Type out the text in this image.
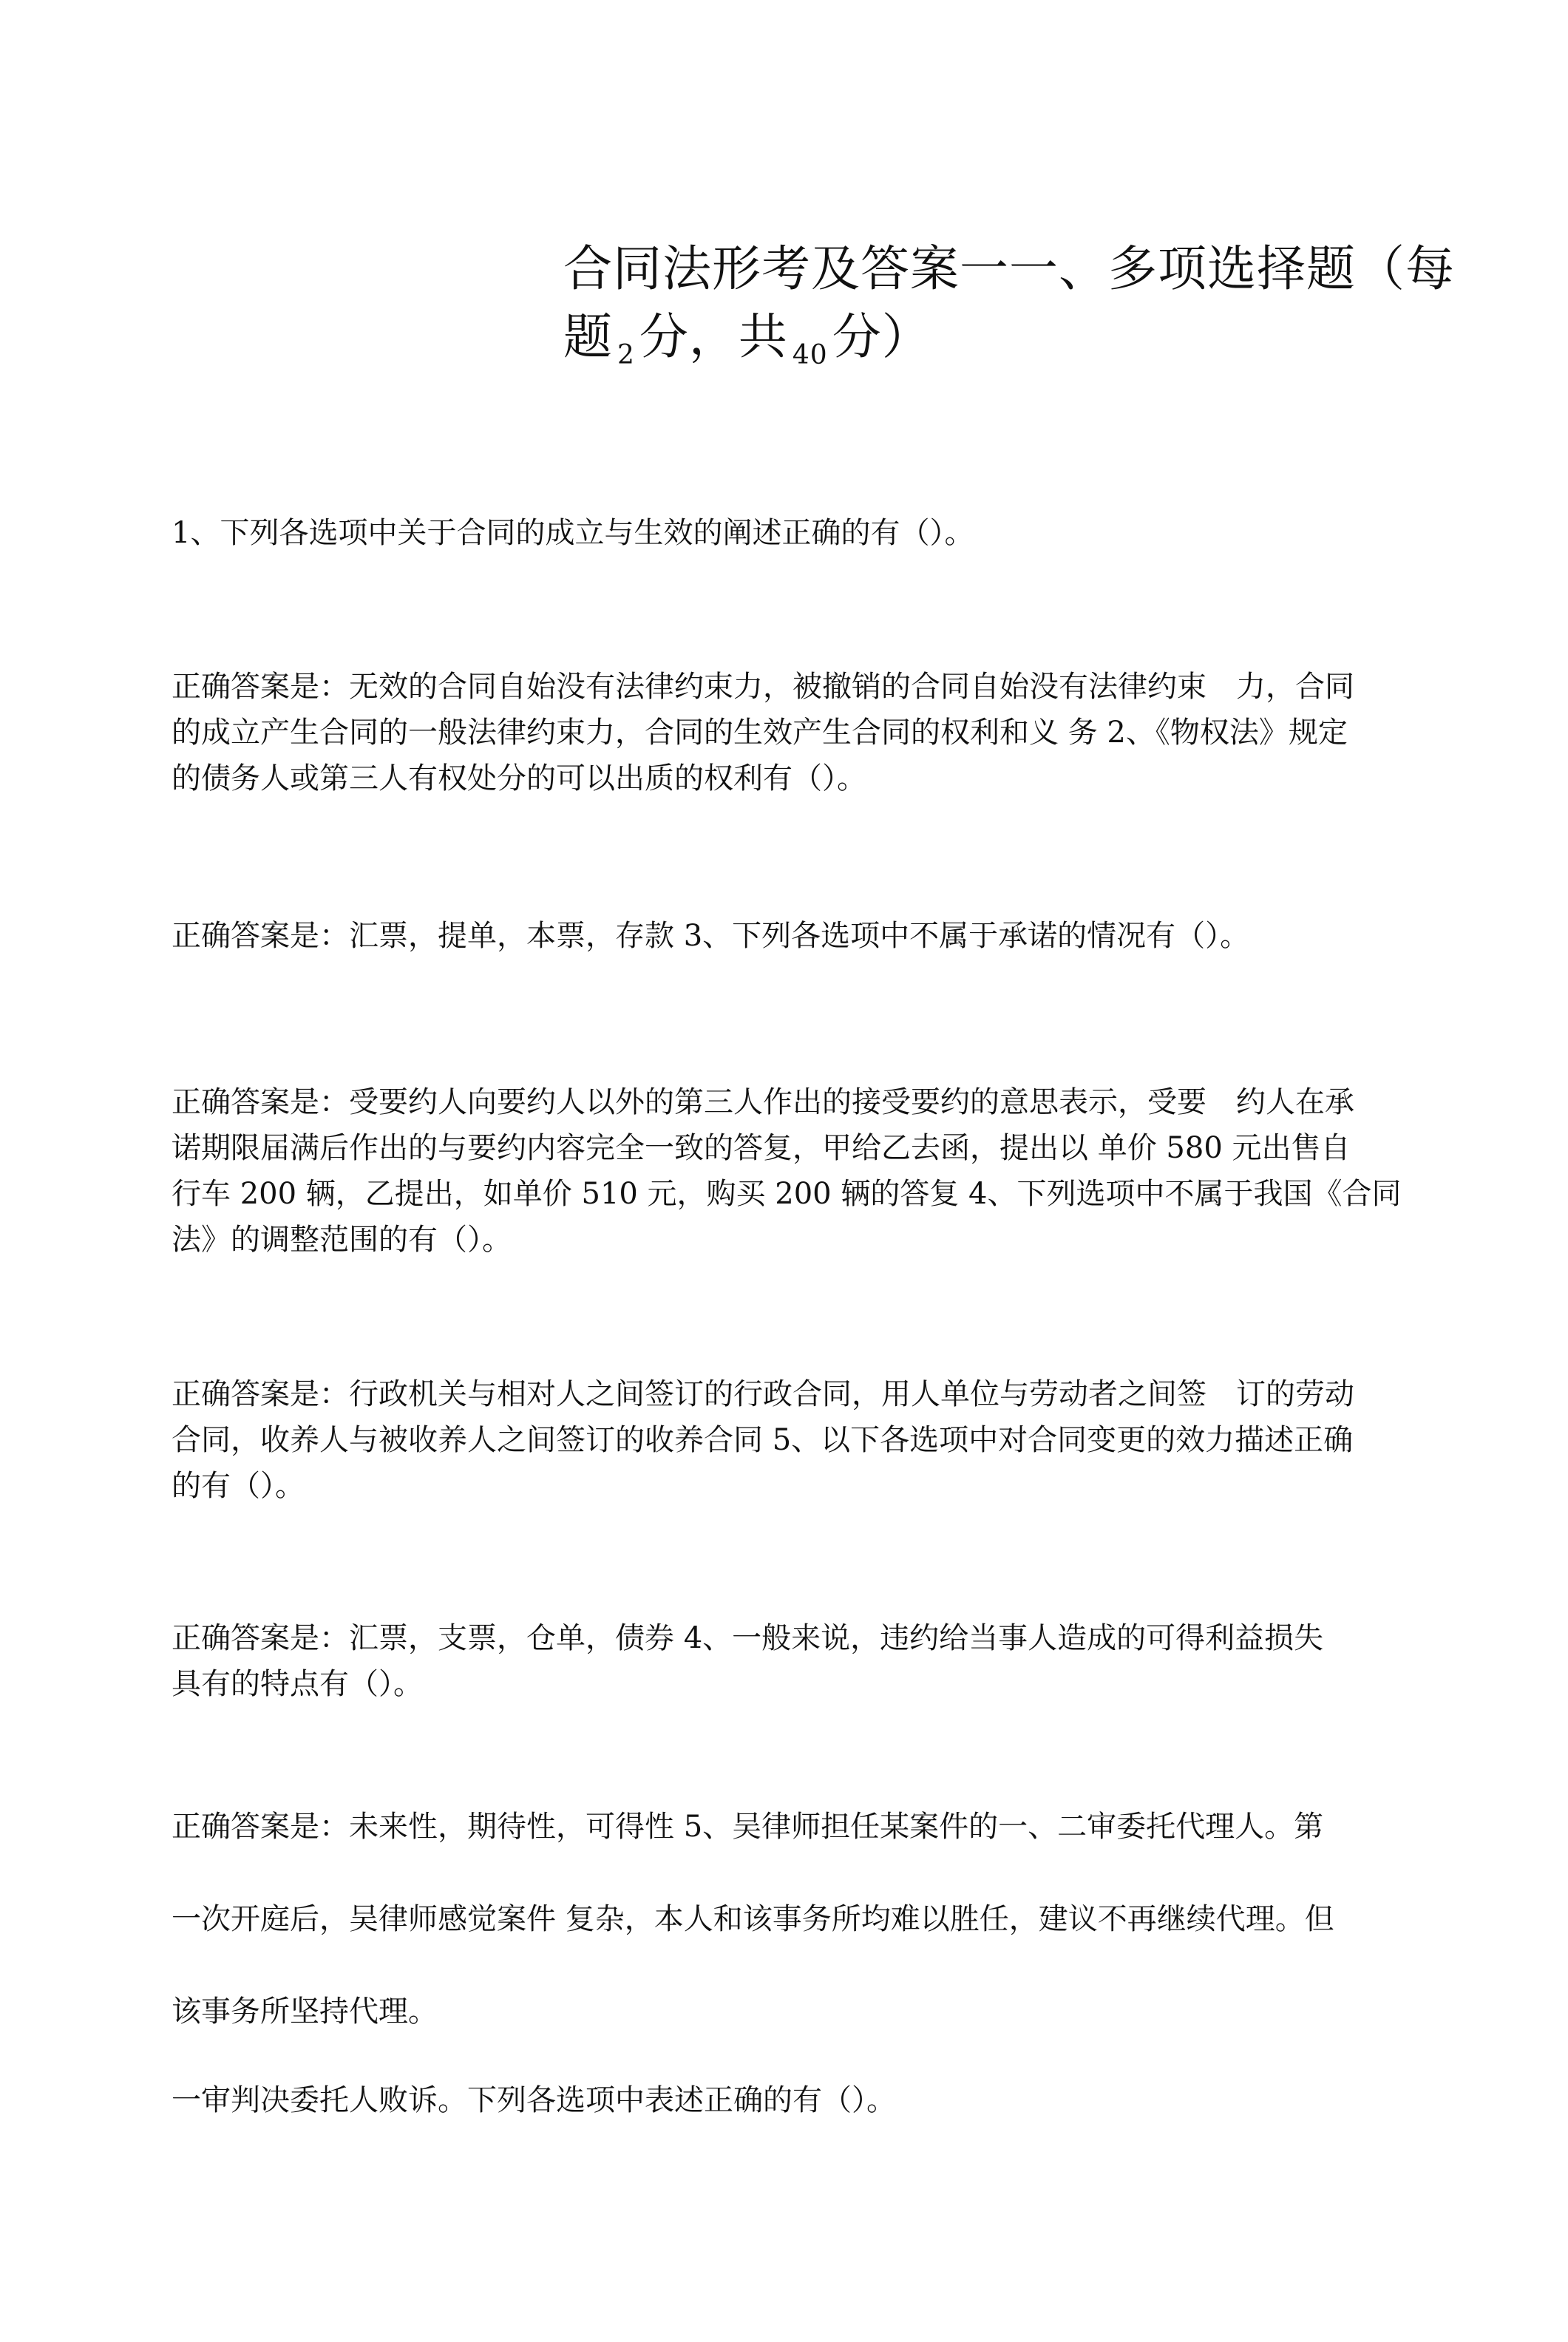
合同法形考及答案一一、多项选择题（每
题 $_2$分，共 $_{40}$分）

1、下列各选项中关于合同的成立与生效的阐述正确的有（）。

正确答案是：无效的合同自始没有法律约束力，被撤销的合同自始没有法律约束　力，合同
的成立产生合同的一般法律约束力，合同的生效产生合同的权利和义 务 2、《物权法》规定
的债务人或第三人有权处分的可以出质的权利有（）。

正确答案是：汇票，提单，本票，存款 3、下列各选项中不属于承诺的情况有（）。

正确答案是：受要约人向要约人以外的第三人作出的接受要约的意思表示，受要　约人在承
诺期限届满后作出的与要约内容完全一致的答复，甲给乙去函，提出以 单价 580 元出售自
行车 200 辆，乙提出，如单价 510 元，购买 200 辆的答复 4、下列选项中不属于我国《合同
法》的调整范围的有（）。

正确答案是：行政机关与相对人之间签订的行政合同，用人单位与劳动者之间签　订的劳动
合同，收养人与被收养人之间签订的收养合同 5、以下各选项中对合同变更的效力描述正确
的有（）。

正确答案是：汇票，支票，仓单，债券 4、一般来说，违约给当事人造成的可得利益损失
具有的特点有（）。

正确答案是：未来性，期待性，可得性 5、吴律师担任某案件的一、二审委托代理人。第

一次开庭后，吴律师感觉案件 复杂，本人和该事务所均难以胜任，建议不再继续代理。但

该事务所坚持代理。

一审判决委托人败诉。下列各选项中表述正确的有（）。
